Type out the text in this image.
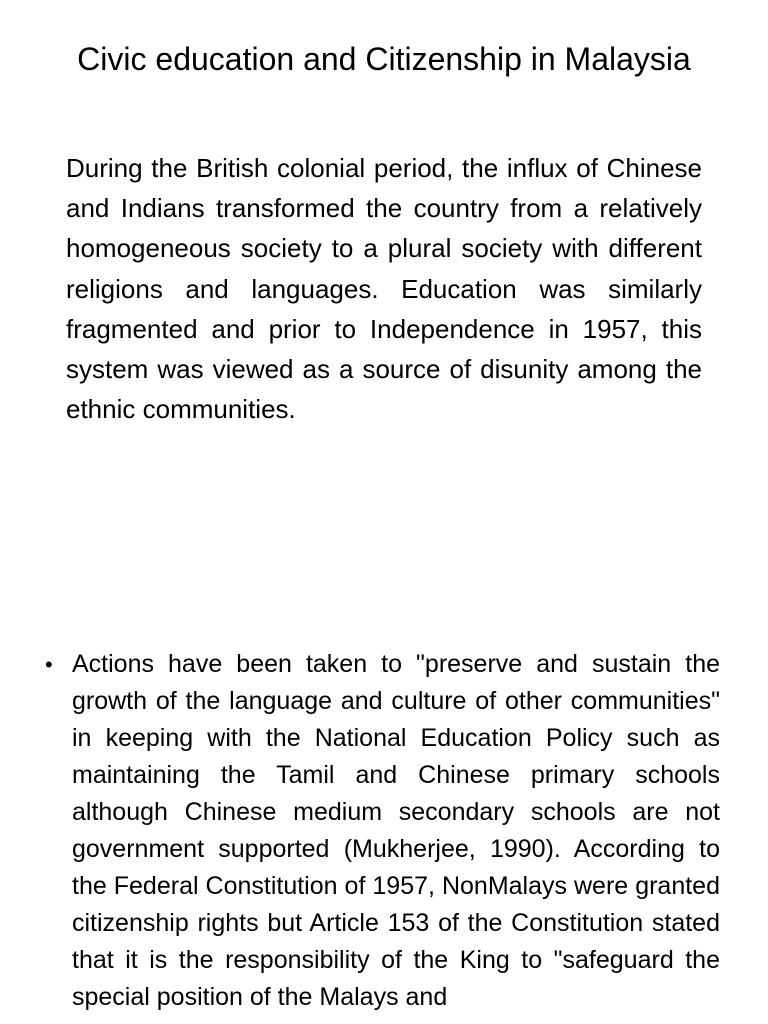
Civic education and Citizenship in Malaysia

During the British colonial period, the influx of Chinese and Indians transformed the country from a relatively homogeneous society to a plural society with different religions and languages. Education was similarly fragmented and prior to Independence in 1957, this system was viewed as a source of disunity among the ethnic communities.

• Actions have been taken to "preserve and sustain the growth of the language and culture of other communities" in keeping with the National Education Policy such as maintaining the Tamil and Chinese primary schools although Chinese medium secondary schools are not government supported (Mukherjee, 1990). According to the Federal Constitution of 1957, NonMalays were granted citizenship rights but Article 153 of the Constitution stated that it is the responsibility of the King to "safeguard the special position of the Malays and
